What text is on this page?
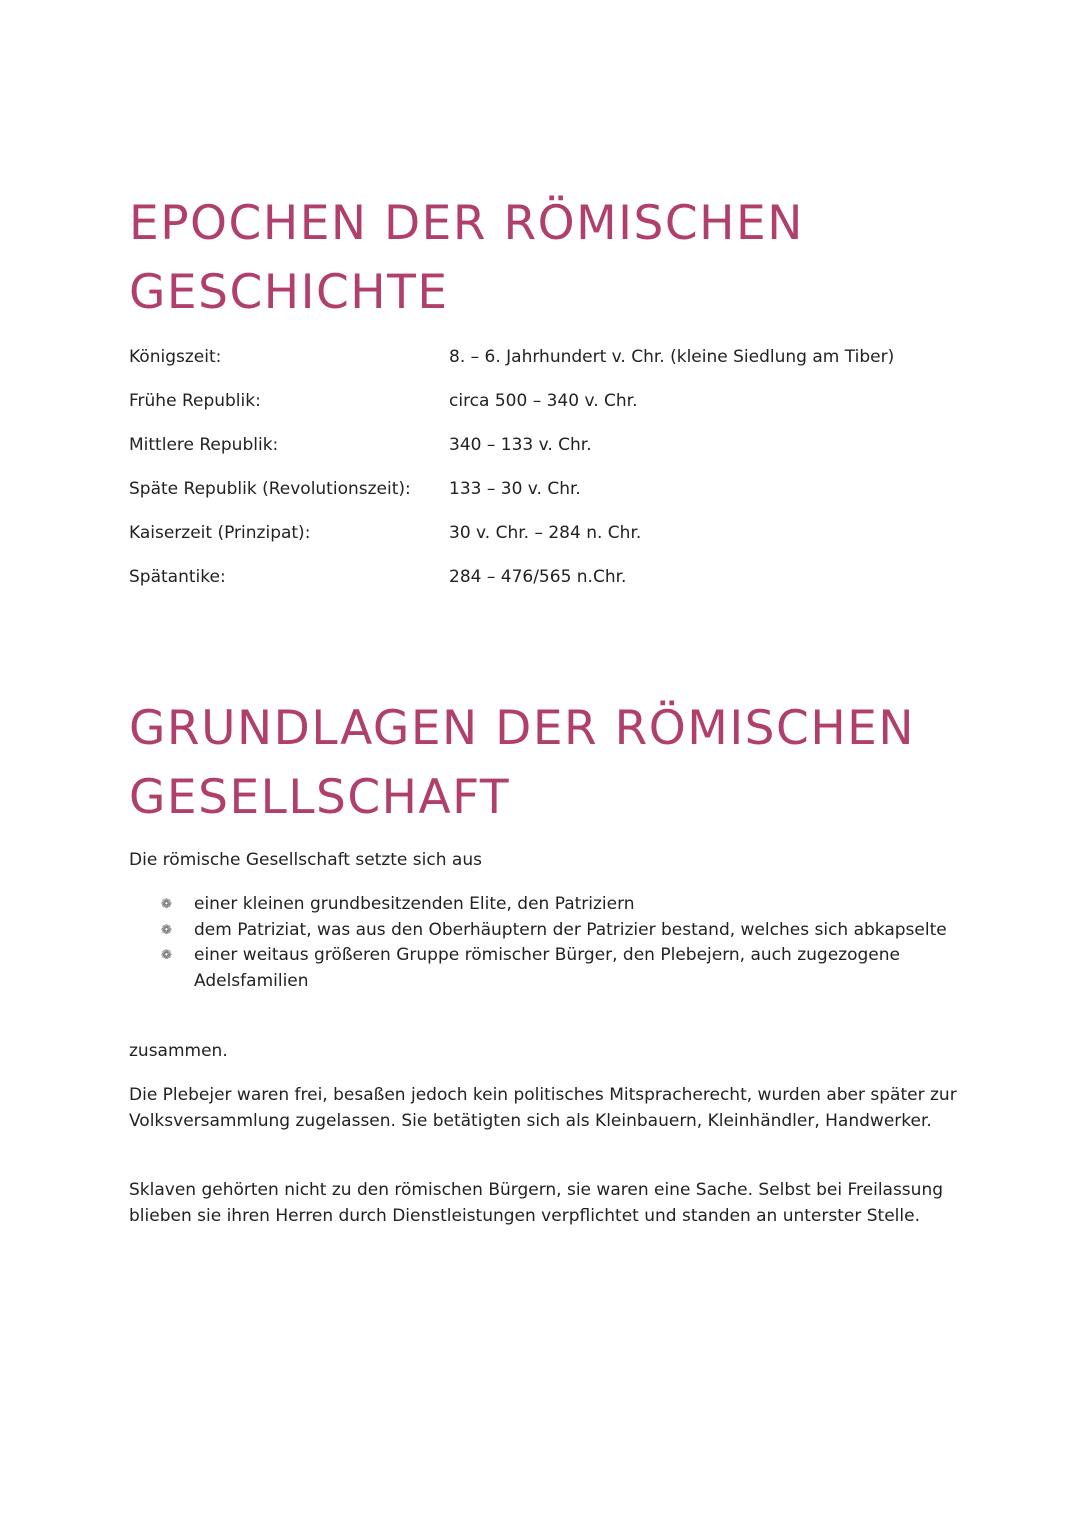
EPOCHEN DER RÖMISCHEN
GESCHICHTE
Königszeit:	8. – 6. Jahrhundert v. Chr. (kleine Siedlung am Tiber)
Frühe Republik:	circa 500 – 340 v. Chr.
Mittlere Republik:	340 – 133 v. Chr.
Späte Republik (Revolutionszeit): 133 – 30 v. Chr.
Kaiserzeit (Prinzipat):	30 v. Chr. – 284 n. Chr.
Spätantike:	284 – 476/565 n.Chr.
GRUNDLAGEN DER RÖMISCHEN
GESELLSCHAFT

Die römische Gesellschaft setzte sich aus

❁ einer kleinen grundbesitzenden Elite, den Patriziern
❁ dem Patriziat, was aus den Oberhäuptern der Patrizier bestand, welches sich abkapselte
❁ einer weitaus größeren Gruppe römischer Bürger, den Plebejern, auch zugezogene Adelsfamilien

zusammen.

Die Plebejer waren frei, besaßen jedoch kein politisches Mitspracherecht, wurden aber später zur Volksversammlung zugelassen. Sie betätigten sich als Kleinbauern, Kleinhändler, Handwerker.

Sklaven gehörten nicht zu den römischen Bürgern, sie waren eine Sache. Selbst bei Freilassung blieben sie ihren Herren durch Dienstleistungen verpflichtet und standen an unterster Stelle.
